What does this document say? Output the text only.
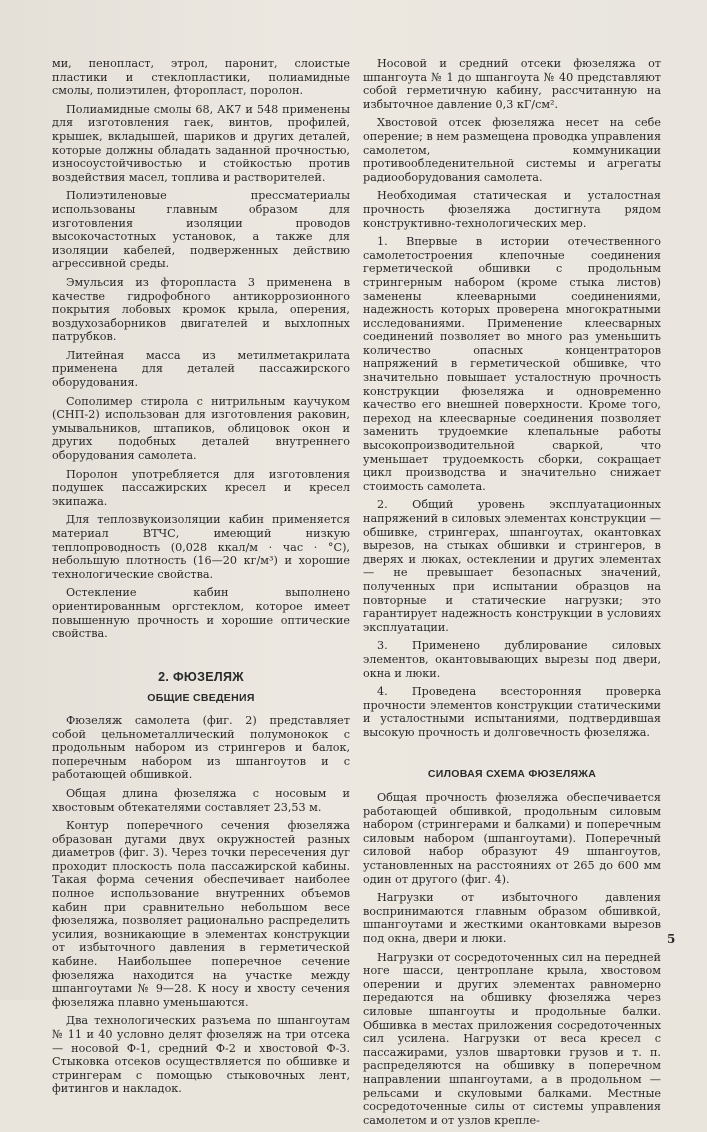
ми, пенопласт, этрол, паронит, слоистые пластики и стеклопластики, полиамидные смолы, полиэтилен, фторопласт, поролон.

Полиамидные смолы 68, АК7 и 548 применены для изготовления гаек, винтов, профилей, крышек, вкладышей, шариков и других деталей, которые должны обладать заданной прочностью, износоустойчивостью и стойкостью против воздействия масел, топлива и растворителей.

Полиэтиленовые прессматериалы использованы главным образом для изготовления изоляции проводов высокочастотных установок, а также для изоляции кабелей, подверженных действию агрессивной среды.

Эмульсия из фторопласта 3 применена в качестве гидрофобного антикоррозионного покрытия лобовых кромок крыла, оперения, воздухозаборников двигателей и выхлопных патрубков.

Литейная масса из метилметакрилата применена для деталей пассажирского оборудования.

Сополимер стирола с нитрильным каучуком (СНП-2) использован для изготовления раковин, умывальников, штапиков, облицовок окон и других подобных деталей внутреннего оборудования самолета.

Поролон употребляется для изготовления подушек пассажирских кресел и кресел экипажа.

Для теплозвукоизоляции кабин применяется материал ВТЧС, имеющий низкую теплопроводность (0,028 ккал/м · час · °С), небольшую плотность (16—20 кг/м³) и хорошие технологические свойства.

Остекление кабин выполнено ориентированным оргстеклом, которое имеет повышенную прочность и хорошие оптические свойства.

2. ФЮЗЕЛЯЖ
ОБЩИЕ СВЕДЕНИЯ

Фюзеляж самолета (фиг. 2) представляет собой цельнометаллический полумонокок с продольным набором из стрингеров и балок, поперечным набором из шпангоутов и с работающей обшивкой.

Общая длина фюзеляжа с носовым и хвостовым обтекателями составляет 23,53 м.

Контур поперечного сечения фюзеляжа образован дугами двух окружностей разных диаметров (фиг. 3). Через точки пересечения дуг проходит плоскость пола пассажирской кабины. Такая форма сечения обеспечивает наиболее полное использование внутренних объемов кабин при сравнительно небольшом весе фюзеляжа, позволяет рационально распределить усилия, возникающие в элементах конструкции от избыточного давления в герметической кабине. Наибольшее поперечное сечение фюзеляжа находится на участке между шпангоутами № 9—28. К носу и хвосту сечения фюзеляжа плавно уменьшаются.

Два технологических разъема по шпангоутам № 11 и 40 условно делят фюзеляж на три отсека — носовой Ф-1, средний Ф-2 и хвостовой Ф-3. Стыковка отсеков осуществляется по обшивке и стрингерам с помощью стыковочных лент, фитингов и накладок.

Носовой и средний отсеки фюзеляжа от шпангоута № 1 до шпангоута № 40 представляют собой герметичную кабину, рассчитанную на избыточное давление 0,3 кГ/см².

Хвостовой отсек фюзеляжа несет на себе оперение; в нем размещена проводка управления самолетом, коммуникации противообледенительной системы и агрегаты радиооборудования самолета.

Необходимая статическая и усталостная прочность фюзеляжа достигнута рядом конструктивно-технологических мер.

1. Впервые в истории отечественного самолетостроения клепочные соединения герметической обшивки с продольным стрингерным набором (кроме стыка листов) заменены клееварными соединениями, надежность которых проверена многократными исследованиями. Применение клеесварных соединений позволяет во много раз уменьшить количество опасных концентраторов напряжений в герметической обшивке, что значительно повышает усталостную прочность конструкции фюзеляжа и одновременно качество его внешней поверхности. Кроме того, переход на клеесварные соединения позволяет заменить трудоемкие клепальные работы высокопроизводительной сваркой, что уменьшает трудоемкость сборки, сокращает цикл производства и значительно снижает стоимость самолета.

2. Общий уровень эксплуатационных напряжений в силовых элементах конструкции — обшивке, стрингерах, шпангоутах, окантовках вырезов, на стыках обшивки и стрингеров, в дверях и люках, остеклении и других элементах — не превышает безопасных значений, полученных при испытании образцов на повторные и статические нагрузки; это гарантирует надежность конструкции в условиях эксплуатации.

3. Применено дублирование силовых элементов, окантовывающих вырезы под двери, окна и люки.

4. Проведена всесторонняя проверка прочности элементов конструкции статическими и усталостными испытаниями, подтвердившая высокую прочность и долговечность фюзеляжа.

СИЛОВАЯ СХЕМА ФЮЗЕЛЯЖА

Общая прочность фюзеляжа обеспечивается работающей обшивкой, продольным силовым набором (стрингерами и балками) и поперечным силовым набором (шпангоутами). Поперечный силовой набор образуют 49 шпангоутов, установленных на расстояниях от 265 до 600 мм один от другого (фиг. 4).

Нагрузки от избыточного давления воспринимаются главным образом обшивкой, шпангоутами и жесткими окантовками вырезов под окна, двери и люки.

Нагрузки от сосредоточенных сил на передней ноге шасси, центроплане крыла, хвостовом оперении и других элементах равномерно передаются на обшивку фюзеляжа через силовые шпангоуты и продольные балки. Обшивка в местах приложения сосредоточенных сил усилена. Нагрузки от веса кресел с пассажирами, узлов швартовки грузов и т. п. распределяются на обшивку в поперечном направлении шпангоутами, а в продольном — рельсами и скуловыми балками. Местные сосредоточенные силы от системы управления самолетом и от узлов крепле-

5
